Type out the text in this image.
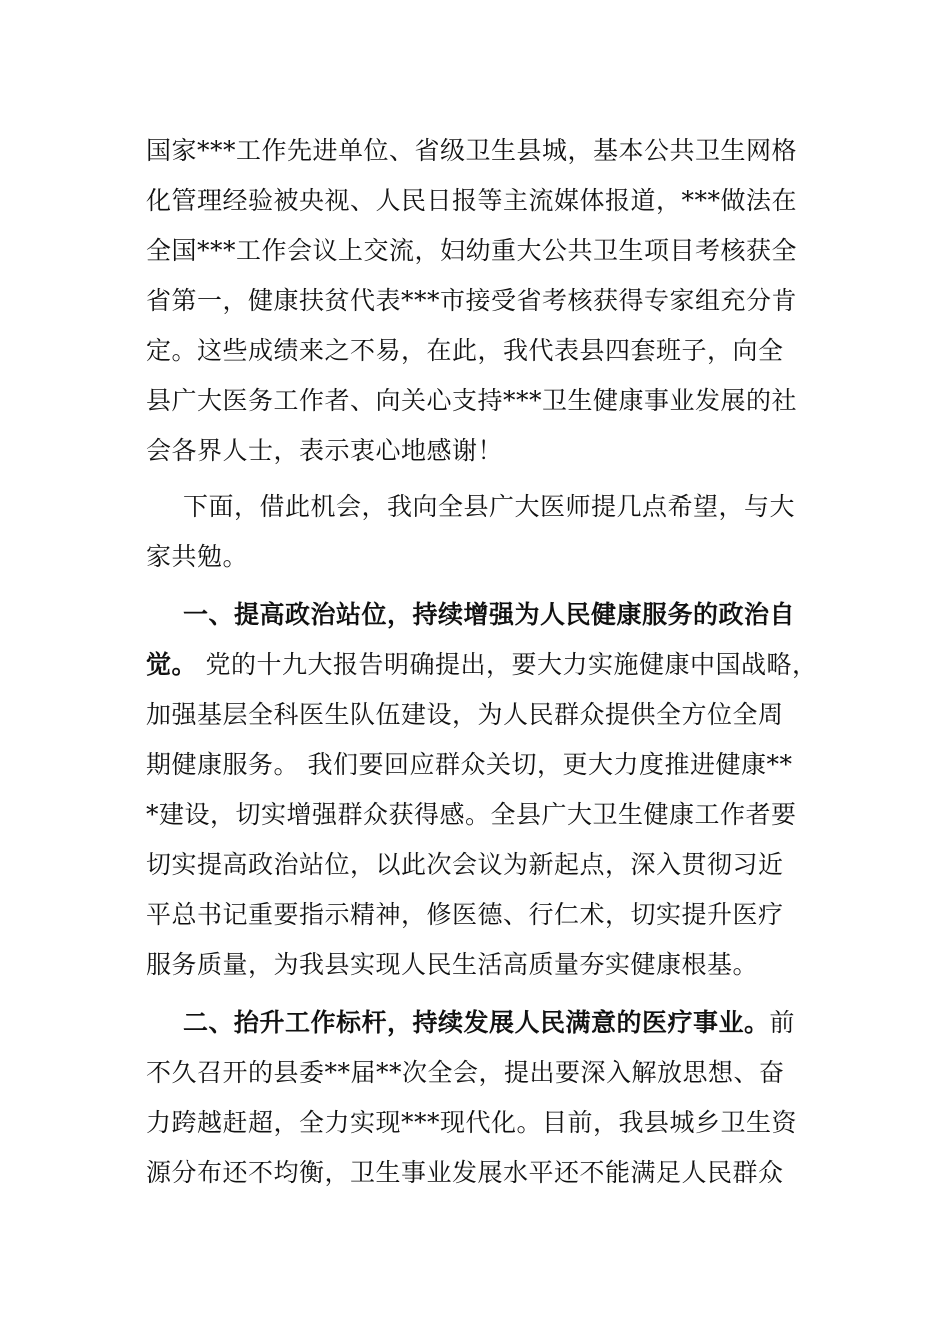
国家***工作先进单位、省级卫生县城，基本公共卫生网格
化管理经验被央视、人民日报等主流媒体报道，***做法在
全国***工作会议上交流，妇幼重大公共卫生项目考核获全
省第一，健康扶贫代表***市接受省考核获得专家组充分肯
定。这些成绩来之不易，在此，我代表县四套班子，向全
县广大医务工作者、向关心支持***卫生健康事业发展的社
会各界人士，表示衷心地感谢！
下面，借此机会，我向全县广大医师提几点希望，与大
家共勉。
一、提高政治站位，持续增强为人民健康服务的政治自
觉。 党的十九大报告明确提出，要大力实施健康中国战略，
加强基层全科医生队伍建设，为人民群众提供全方位全周
期健康服务。 我们要回应群众关切，更大力度推进健康**
*建设，切实增强群众获得感。全县广大卫生健康工作者要
切实提高政治站位，以此次会议为新起点，深入贯彻习近
平总书记重要指示精神，修医德、行仁术，切实提升医疗
服务质量，为我县实现人民生活高质量夯实健康根基。
二、抬升工作标杆，持续发展人民满意的医疗事业。前
不久召开的县委**届**次全会，提出要深入解放思想、奋
力跨越赶超，全力实现***现代化。目前，我县城乡卫生资
源分布还不均衡，卫生事业发展水平还不能满足人民群众
